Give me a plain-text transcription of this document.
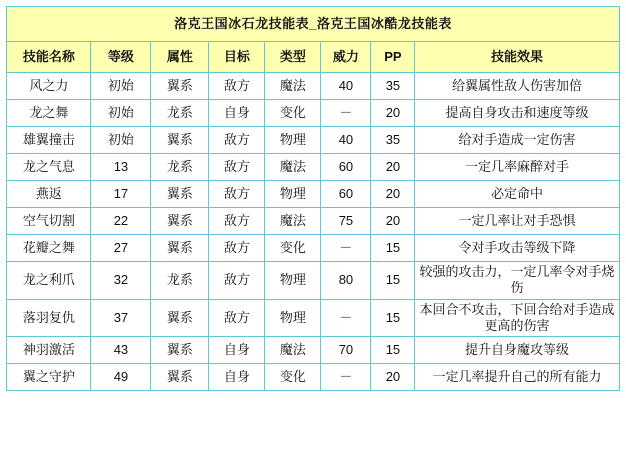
洛克王国冰石龙技能表_洛克王国冰酷龙技能表							
技能名称	等级	属性	目标	类型	威力	PP	技能效果
风之力	初始	翼系	敌方	魔法	40	35	给翼属性敌人伤害加倍
龙之舞	初始	龙系	自身	变化	－	20	提高自身攻击和速度等级
雄翼撞击	初始	翼系	敌方	物理	40	35	给对手造成一定伤害
龙之气息	13	龙系	敌方	魔法	60	20	一定几率麻醉对手
燕返	17	翼系	敌方	物理	60	20	必定命中
空气切割	22	翼系	敌方	魔法	75	20	一定几率让对手恐惧
花瓣之舞	27	翼系	敌方	变化	－	15	令对手攻击等级下降
龙之利爪	32	龙系	敌方	物理	80	15	较强的攻击力，一定几率令对手烧伤
落羽复仇	37	翼系	敌方	物理	－	15	本回合不攻击，下回合给对手造成更高的伤害
神羽激活	43	翼系	自身	魔法	70	15	提升自身魔攻等级
翼之守护	49	翼系	自身	变化	－	20	一定几率提升自己的所有能力
